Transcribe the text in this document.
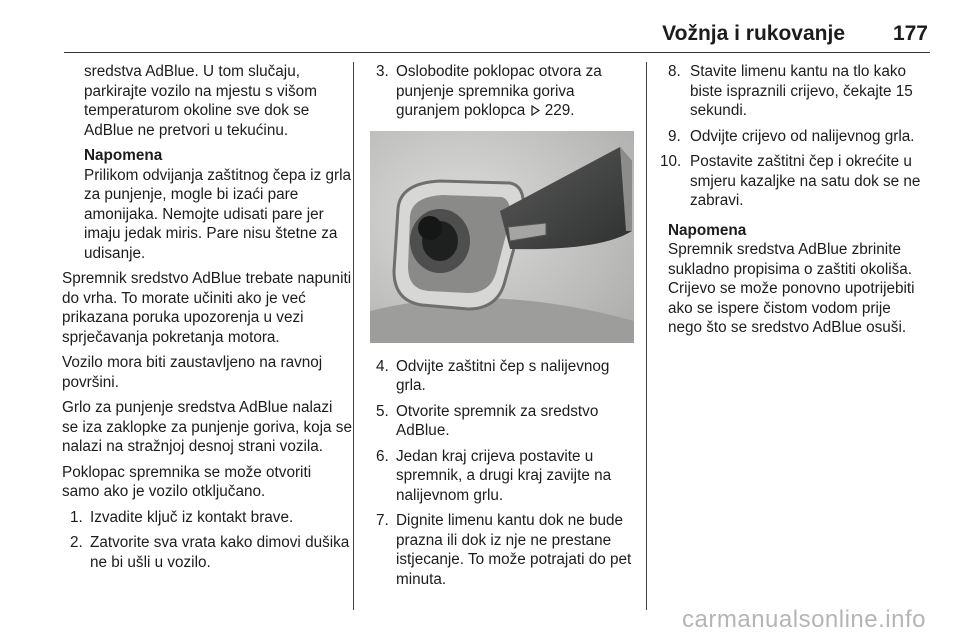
Vožnja i rukovanje 177

sredstva AdBlue. U tom slučaju, parkirajte vozilo na mjestu s višom temperaturom okoline sve dok se AdBlue ne pretvori u tekućinu.

Napomena

Prilikom odvijanja zaštitnog čepa iz grla za punjenje, mogle bi izaći pare amonijaka. Nemojte udisati pare jer imaju jedak miris. Pare nisu štetne za udisanje.

Spremnik sredstvo AdBlue trebate napuniti do vrha. To morate učiniti ako je već prikazana poruka upozorenja u vezi sprječavanja pokretanja motora.

Vozilo mora biti zaustavljeno na ravnoj površini.

Grlo za punjenje sredstva AdBlue nalazi se iza zaklopke za punjenje goriva, koja se nalazi na stražnjoj desnoj strani vozila.

Poklopac spremnika se može otvoriti samo ako je vozilo otključano.

1. Izvadite ključ iz kontakt brave.
2. Zatvorite sva vrata kako dimovi dušika ne bi ušli u vozilo.
3. Oslobodite poklopac otvora za punjenje spremnika goriva guranjem poklopca 229.
4. Odvijte zaštitni čep s nalijevnog grla.
5. Otvorite spremnik za sredstvo AdBlue.
6. Jedan kraj crijeva postavite u spremnik, a drugi kraj zavijte na nalijevnom grlu.
7. Dignite limenu kantu dok ne bude prazna ili dok iz nje ne prestane istjecanje. To može potrajati do pet minuta.
8. Stavite limenu kantu na tlo kako biste ispraznili crijevo, čekajte 15 sekundi.
9. Odvijte crijevo od nalijevnog grla.
10. Postavite zaštitni čep i okrećite u smjeru kazaljke na satu dok se ne zabravi.

Napomena

Spremnik sredstva AdBlue zbrinite sukladno propisima o zaštiti okoliša. Crijevo se može ponovno upotrijebiti ako se ispere čistom vodom prije nego što se sredstvo AdBlue osuši.

carmanualsonline.info
